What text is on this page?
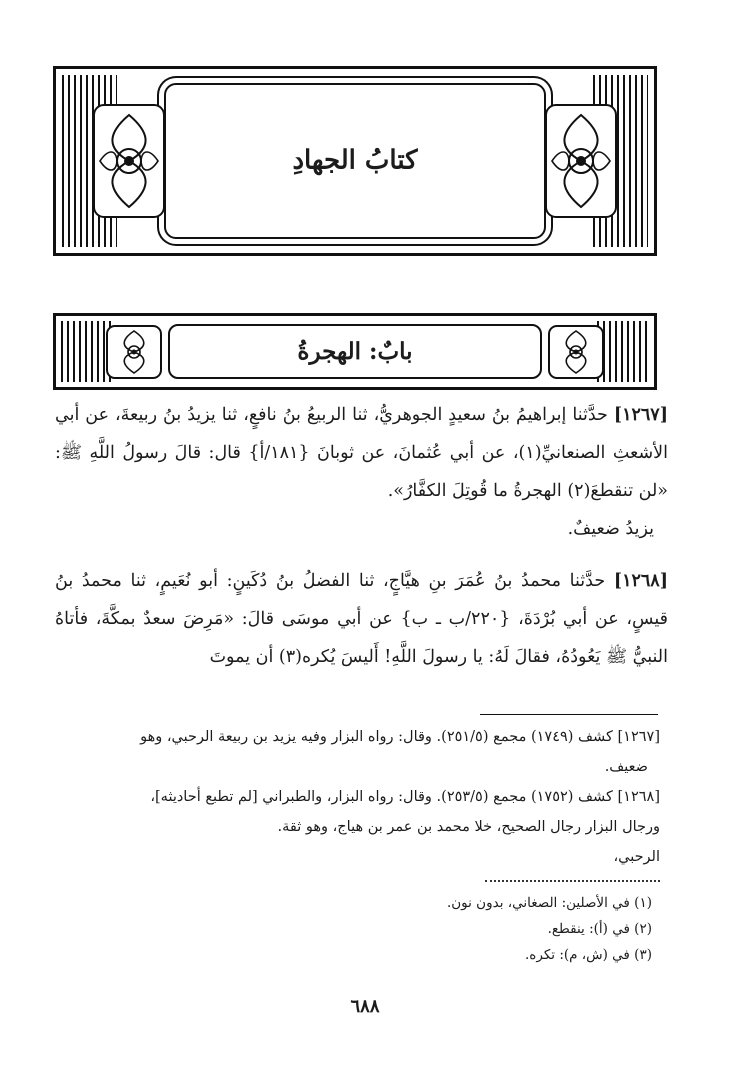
كتابُ الجهادِ
بابٌ: الهجرةُ

[١٢٦٧] حدَّثنا إبراهيمُ بنُ سعيدٍ الجوهريُّ، ثنا الربيعُ بنُ نافعٍ، ثنا يزيدُ بنُ ربيعةَ، عن أبي الأشعثِ الصنعانيِّ(١)، عن أبي عُثمانَ، عن ثوبانَ {١٨١/أ} قال: قالَ رسولُ اللَّهِ ﷺ: «لن تنقطعَ(٢) الهجرةُ ما قُوتِلَ الكفَّارُ».

يزيدُ ضعيفٌ.

[١٢٦٨] حدَّثنا محمدُ بنُ عُمَرَ بنِ هيَّاجٍ، ثنا الفضلُ بنُ دُكَينٍ: أبو نُعَيمٍ، ثنا محمدُ بنُ قيسٍ، عن أبي بُرْدَةَ، {٢٢٠/ب ـ ب} عن أبي موسَى قالَ: «مَرِضَ سعدٌ بمكَّةَ، فأتاهُ النبيُّ ﷺ يَعُودُهُ، فقالَ لَهُ: يا رسولَ اللَّهِ! أَليسَ يُكره(٣) أن يموتَ

[١٢٦٧] كشف (١٧٤٩) مجمع (٢٥١/٥). وقال: رواه البزار وفيه يزيد بن ربيعة الرحبي، وهو

ضعيف.

[١٢٦٨] كشف (١٧٥٢) مجمع (٢٥٣/٥). وقال: رواه البزار، والطبراني [لم تطبع أحاديثه]،

ورجال البزار رجال الصحيح، خلا محمد بن عمر بن هياج، وهو ثقة.

الرحبي،

(١) في الأصلين: الصغاني، بدون نون.

(٢) في (أ): ينقطع.

(٣) في (ش، م): تكره.

٦٨٨
